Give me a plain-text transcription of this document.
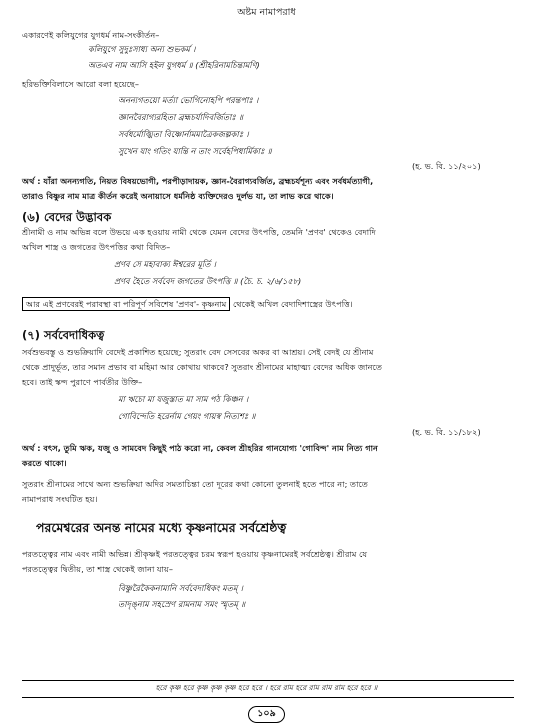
অষ্টম নামাপরাধ
একারণেই কলিযুগের যুগধর্ম নাম-সংকীর্তন–
কলিযুগে সুদুঃসাধ্য অন্য শুভকর্ম ।
অতএব নাম আসি হইল যুগধর্ম ॥ (শ্রীহরিনামচিন্তামণি)
হরিভক্তিবিলাসে আরো বলা হয়েছে–
অনন্যগতয়ো মর্ত্যা ভোগিনোহপি পরন্তপাঃ ।
জ্ঞানবৈরাগ্যরহিতা ব্রহ্মচর্যাদিবর্জিতাঃ ॥
সর্বধর্মোজ্ঝিতা বিষ্ণোর্নামমাত্রৈকজল্পকাঃ ।
সুখেন যাং গতিং যান্তি ন তাং সর্বেহপিধার্মিকাঃ ॥
(হ. ভ. বি. ১১/২০১)
অর্থ : যাঁরা অনন্যগতি, নিয়ত বিষয়ভোগী, পরপীড়াদায়ক, জ্ঞান-বৈরাগ্যবর্জিত, ব্রহ্মচর্যশূন্য এবং সর্বধর্মত্যাগী,
তারাও বিষ্ণুর নাম মাত্র কীর্তন করেই অনায়াসে ধর্মনিষ্ঠ ব্যক্তিদেরও দুর্লভ যা, তা লাভ করে থাকে।
(৬) বেদের উদ্ভাবক
শ্রীনামী ও নাম অভিন্ন বলে উভয়ে এক হওয়ায় নামী থেকে যেমন বেদের উৎপত্তি, তেমনি 'প্রণব' থেকেও বেদাদি
অখিল শাস্ত্র ও জগতের উৎপত্তির কথা বিদিত–
প্রণব সে মহাবাক্য ঈশ্বরের মূর্তি ।
প্রণব হৈতে সর্ববেদ জগতের উৎপত্তি ॥ (চৈ. চ. ২/৬/১৫৮)
আর এই প্রণবেরই পরাবস্থা বা পরিপূর্ণ সবিশেষ 'প্রণব'- কৃষ্ণনাম থেকেই অখিল বেদাদিশাস্ত্রের উৎপত্তি।
(৭) সর্ববেদাধিকত্ব
সর্বশুভবস্তু ও শুভক্রিয়াদি বেদেই প্রকাশিত হয়েছে; সুতরাং বেদ সেসবের অকর বা আশ্রয়। সেই বেদই যে শ্রীনাম
থেকে প্রাদুর্ভূত, তার সমান প্রভাব বা মহিমা আর কোথায় থাকবে? সুতরাং শ্রীনামের মাহাত্ম্য বেদের অধিক জানতে
হবে। তাই স্কন্দ পুরাণে পার্বতীর উক্তি–
মা ঋচো মা যজুস্তাত মা সাম পঠ কিঞ্চন ।
গোবিন্দেতি হরের্নাম গেয়ং গায়স্ব নিত্যশঃ ॥
(হ. ভ. বি. ১১/১৮২)
অর্থ : বৎস, তুমি ঋক, যজু ও সামবেদ কিছুই পাঠ করো না, কেবল শ্রীহরির গানযোগ্য 'গোবিন্দ' নাম নিত্য গান
করতে থাকো।
সুতরাং শ্রীনামের সাথে অন্য শুভক্রিয়া অদির সমতাচিন্তা তো দূরের কথা কোনো তুলনাই হতে পারে না; তাতে
নামাপরাধ সংঘটিত হয়।
পরমেশ্বরের অনন্ত নামের মধ্যে কৃষ্ণনামের সর্বশ্রেষ্ঠত্ব
পরতত্ত্বের নাম এবং নামী অভিন্ন। শ্রীকৃষ্ণই পরতত্ত্বের চরম স্বরূপ হওয়ায় কৃষ্ণনামেরই সর্বশ্রেষ্ঠত্ব। শ্রীরাম যে
পরতত্ত্বের দ্বিতীয়, তা শাস্ত্র থেকেই জানা যায়–
বিষ্ণুরৈকৈকনামানি সর্ববেদাধিকং মতম্ ।
তাদৃঙ্নাম সহস্রেণ রামনাম সমং স্মৃতম্ ॥
হরে কৃষ্ণ হরে কৃষ্ণ কৃষ্ণ কৃষ্ণ হরে হরে । হরে রাম হরে রাম রাম রাম হরে হরে ॥
১০৯
